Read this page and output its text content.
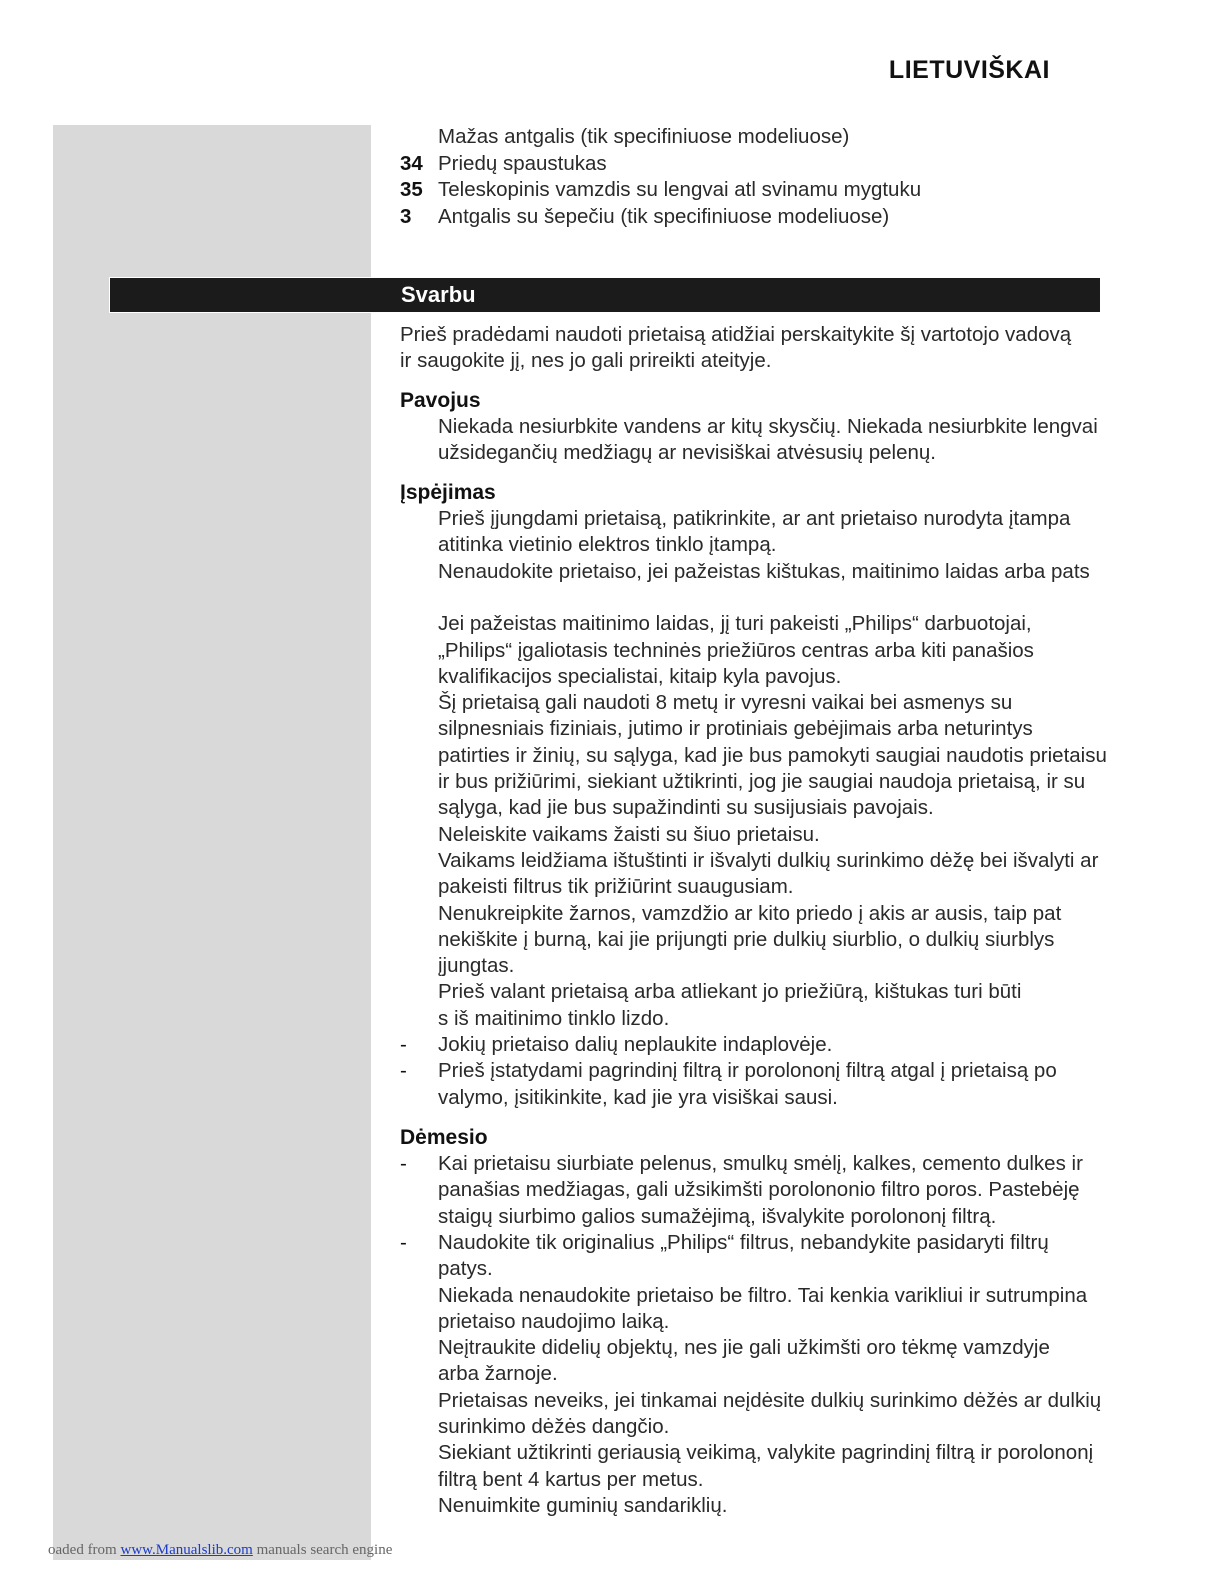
LIETUVIŠKAI
Mažas antgalis (tik specifiniuose modeliuose)
34 Priedų spaustukas
35 Teleskopinis vamzdis su lengvai atl svinamu mygtuku
3	Antgalis su šepečiu (tik specifiniuose modeliuose)
Svarbu
Prieš pradėdami naudoti prietaisą atidžiai perskaitykite šį vartotojo vadovą
ir saugokite jį, nes jo gali prireikti ateityje.
Pavojus
Niekada nesiurbkite vandens ar kitų skysčių. Niekada nesiurbkite lengvai
užsidegančių medžiagų ar nevisiškai atvėsusių pelenų.
Įspėjimas
Prieš įjungdami prietaisą, patikrinkite, ar ant prietaiso nurodyta įtampa
atitinka vietinio elektros tinklo įtampą.
Nenaudokite prietaiso, jei pažeistas kištukas, maitinimo laidas arba pats
Jei pažeistas maitinimo laidas, jį turi pakeisti „Philips“ darbuotojai,
„Philips“ įgaliotasis techninės priežiūros centras arba kiti panašios
kvalifikacijos specialistai, kitaip kyla pavojus.
Šį prietaisą gali naudoti 8 metų ir vyresni vaikai bei asmenys su
silpnesniais fiziniais, jutimo ir protiniais gebėjimais arba neturintys
patirties ir žinių, su sąlyga, kad jie bus pamokyti saugiai naudotis prietaisu
ir bus prižiūrimi, siekiant užtikrinti, jog jie saugiai naudoja prietaisą, ir su
sąlyga, kad jie bus supažindinti su susijusiais pavojais.
Neleiskite vaikams žaisti su šiuo prietaisu.
Vaikams leidžiama ištuštinti ir išvalyti dulkių surinkimo dėžę bei išvalyti ar
pakeisti filtrus tik prižiūrint suaugusiam.
Nenukreipkite žarnos, vamzdžio ar kito priedo į akis ar ausis, taip pat
nekiškite į burną, kai jie prijungti prie dulkių siurblio, o dulkių siurblys
įjungtas.
Prieš valant prietaisą arba atliekant jo priežiūrą, kištukas turi būti
s iš maitinimo tinklo lizdo.
-	Jokių prietaiso dalių neplaukite indaplovėje.
-	Prieš įstatydami pagrindinį filtrą ir porolononį filtrą atgal į prietaisą po
valymo, įsitikinkite, kad jie yra visiškai sausi.
Dėmesio
-	Kai prietaisu siurbiate pelenus, smulkų smėlį, kalkes, cemento dulkes ir
panašias medžiagas, gali užsikimšti porolononio filtro poros. Pastebėję
staigų siurbimo galios sumažėjimą, išvalykite porolononį filtrą.
-	Naudokite tik originalius „Philips“ filtrus, nebandykite pasidaryti filtrų
patys.
Niekada nenaudokite prietaiso be filtro. Tai kenkia varikliui ir sutrumpina
prietaiso naudojimo laiką.
Neįtraukite didelių objektų, nes jie gali užkimšti oro tėkmę vamzdyje
arba žarnoje.
Prietaisas neveiks, jei tinkamai neįdėsite dulkių surinkimo dėžės ar dulkių
surinkimo dėžės dangčio.
Siekiant užtikrinti geriausią veikimą, valykite pagrindinį filtrą ir porolononį
filtrą bent 4 kartus per metus.
Nenuimkite guminių sandariklių.
oaded from www.Manualslib.com manuals search engine
